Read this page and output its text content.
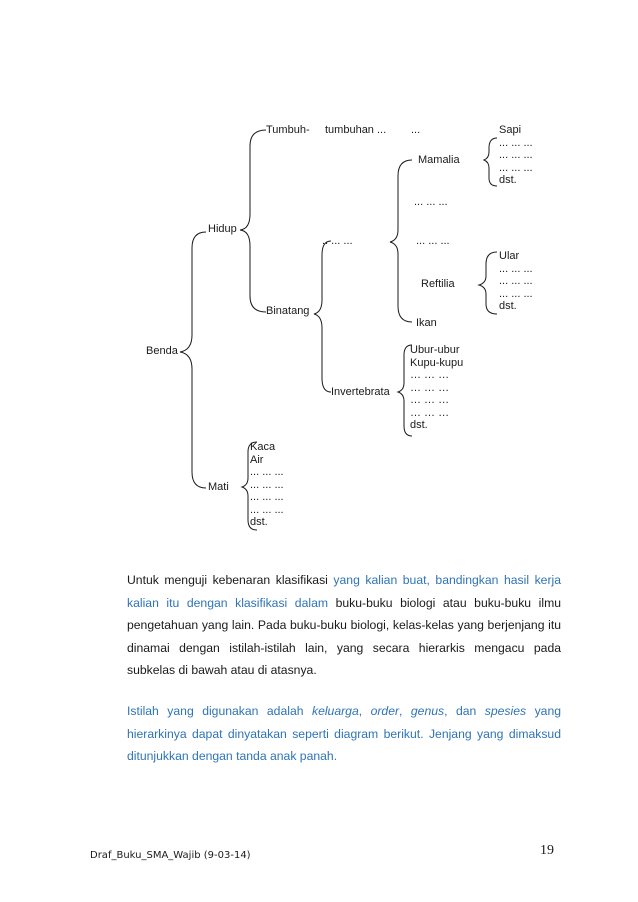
Benda
Hidup
Mati
Tumbuh- tumbuhan ... ...
Binatang
.. ... ...
Invertebrata
Mamalia
... ... ...
... ... ...
Reftilia
Ikan
Sapi
... ... ...
... ... ...
... ... ...
dst.
Ular
... ... ...
... ... ...
... ... ...
dst.
Ubur-ubur
Kupu-kupu
… … …
… … …
… … …
… … …
dst.
Kaca
Air
... ... ...
... ... ...
... ... ...
... ... ...
dst.

Untuk menguji kebenaran klasifikasi yang kalian buat, bandingkan hasil kerja kalian itu dengan klasifikasi dalam buku-buku biologi atau buku-buku ilmu pengetahuan yang lain. Pada buku-buku biologi, kelas-kelas yang berjenjang itu dinamai dengan istilah-istilah lain, yang secara hierarkis mengacu pada subkelas di bawah atau di atasnya.

Istilah yang digunakan adalah keluarga, order, genus, dan spesies yang hierarkinya dapat dinyatakan seperti diagram berikut. Jenjang yang dimaksud ditunjukkan dengan tanda anak panah.

Draf_Buku_SMA_Wajib (9-03-14)	19
